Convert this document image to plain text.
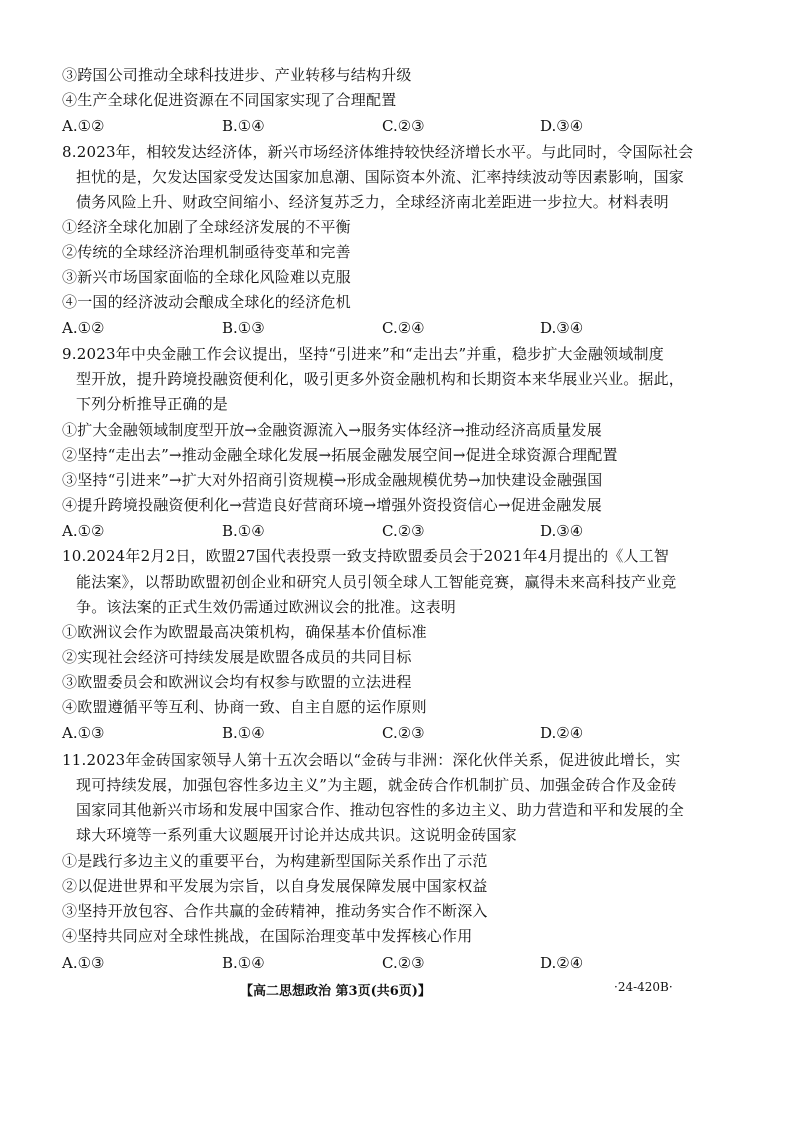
③跨国公司推动全球科技进步、产业转移与结构升级
④生产全球化促进资源在不同国家实现了合理配置
A.①②	B.①④	C.②③	D.③④
8.2023年，相较发达经济体，新兴市场经济体维持较快经济增长水平。与此同时，令国际社会
担忧的是，欠发达国家受发达国家加息潮、国际资本外流、汇率持续波动等因素影响，国家
债务风险上升、财政空间缩小、经济复苏乏力，全球经济南北差距进一步拉大。材料表明
①经济全球化加剧了全球经济发展的不平衡
②传统的全球经济治理机制亟待变革和完善
③新兴市场国家面临的全球化风险难以克服
④一国的经济波动会酿成全球化的经济危机
A.①②	B.①③	C.②④	D.③④
9.2023年中央金融工作会议提出，坚持“引进来”和“走出去”并重，稳步扩大金融领域制度
型开放，提升跨境投融资便利化，吸引更多外资金融机构和长期资本来华展业兴业。据此，
下列分析推导正确的是
①扩大金融领域制度型开放→金融资源流入→服务实体经济→推动经济高质量发展
②坚持“走出去”→推动金融全球化发展→拓展金融发展空间→促进全球资源合理配置
③坚持“引进来”→扩大对外招商引资规模→形成金融规模优势→加快建设金融强国
④提升跨境投融资便利化→营造良好营商环境→增强外资投资信心→促进金融发展
A.①②	B.①④	C.②③	D.③④
10.2024年2月2日，欧盟27国代表投票一致支持欧盟委员会于2021年4月提出的《人工智
能法案》，以帮助欧盟初创企业和研究人员引领全球人工智能竞赛，赢得未来高科技产业竞
争。该法案的正式生效仍需通过欧洲议会的批准。这表明
①欧洲议会作为欧盟最高决策机构，确保基本价值标准
②实现社会经济可持续发展是欧盟各成员的共同目标
③欧盟委员会和欧洲议会均有权参与欧盟的立法进程
④欧盟遵循平等互利、协商一致、自主自愿的运作原则
A.①③	B.①④	C.②③	D.②④
11.2023年金砖国家领导人第十五次会晤以“金砖与非洲：深化伙伴关系，促进彼此增长，实
现可持续发展，加强包容性多边主义”为主题，就金砖合作机制扩员、加强金砖合作及金砖
国家同其他新兴市场和发展中国家合作、推动包容性的多边主义、助力营造和平和发展的全
球大环境等一系列重大议题展开讨论并达成共识。这说明金砖国家
①是践行多边主义的重要平台，为构建新型国际关系作出了示范
②以促进世界和平发展为宗旨，以自身发展保障发展中国家权益
③坚持开放包容、合作共赢的金砖精神，推动务实合作不断深入
④坚持共同应对全球性挑战，在国际治理变革中发挥核心作用
A.①③	B.①④	C.②③	D.②④
【高二思想政治 第3页(共6页)】	·24-420B·
